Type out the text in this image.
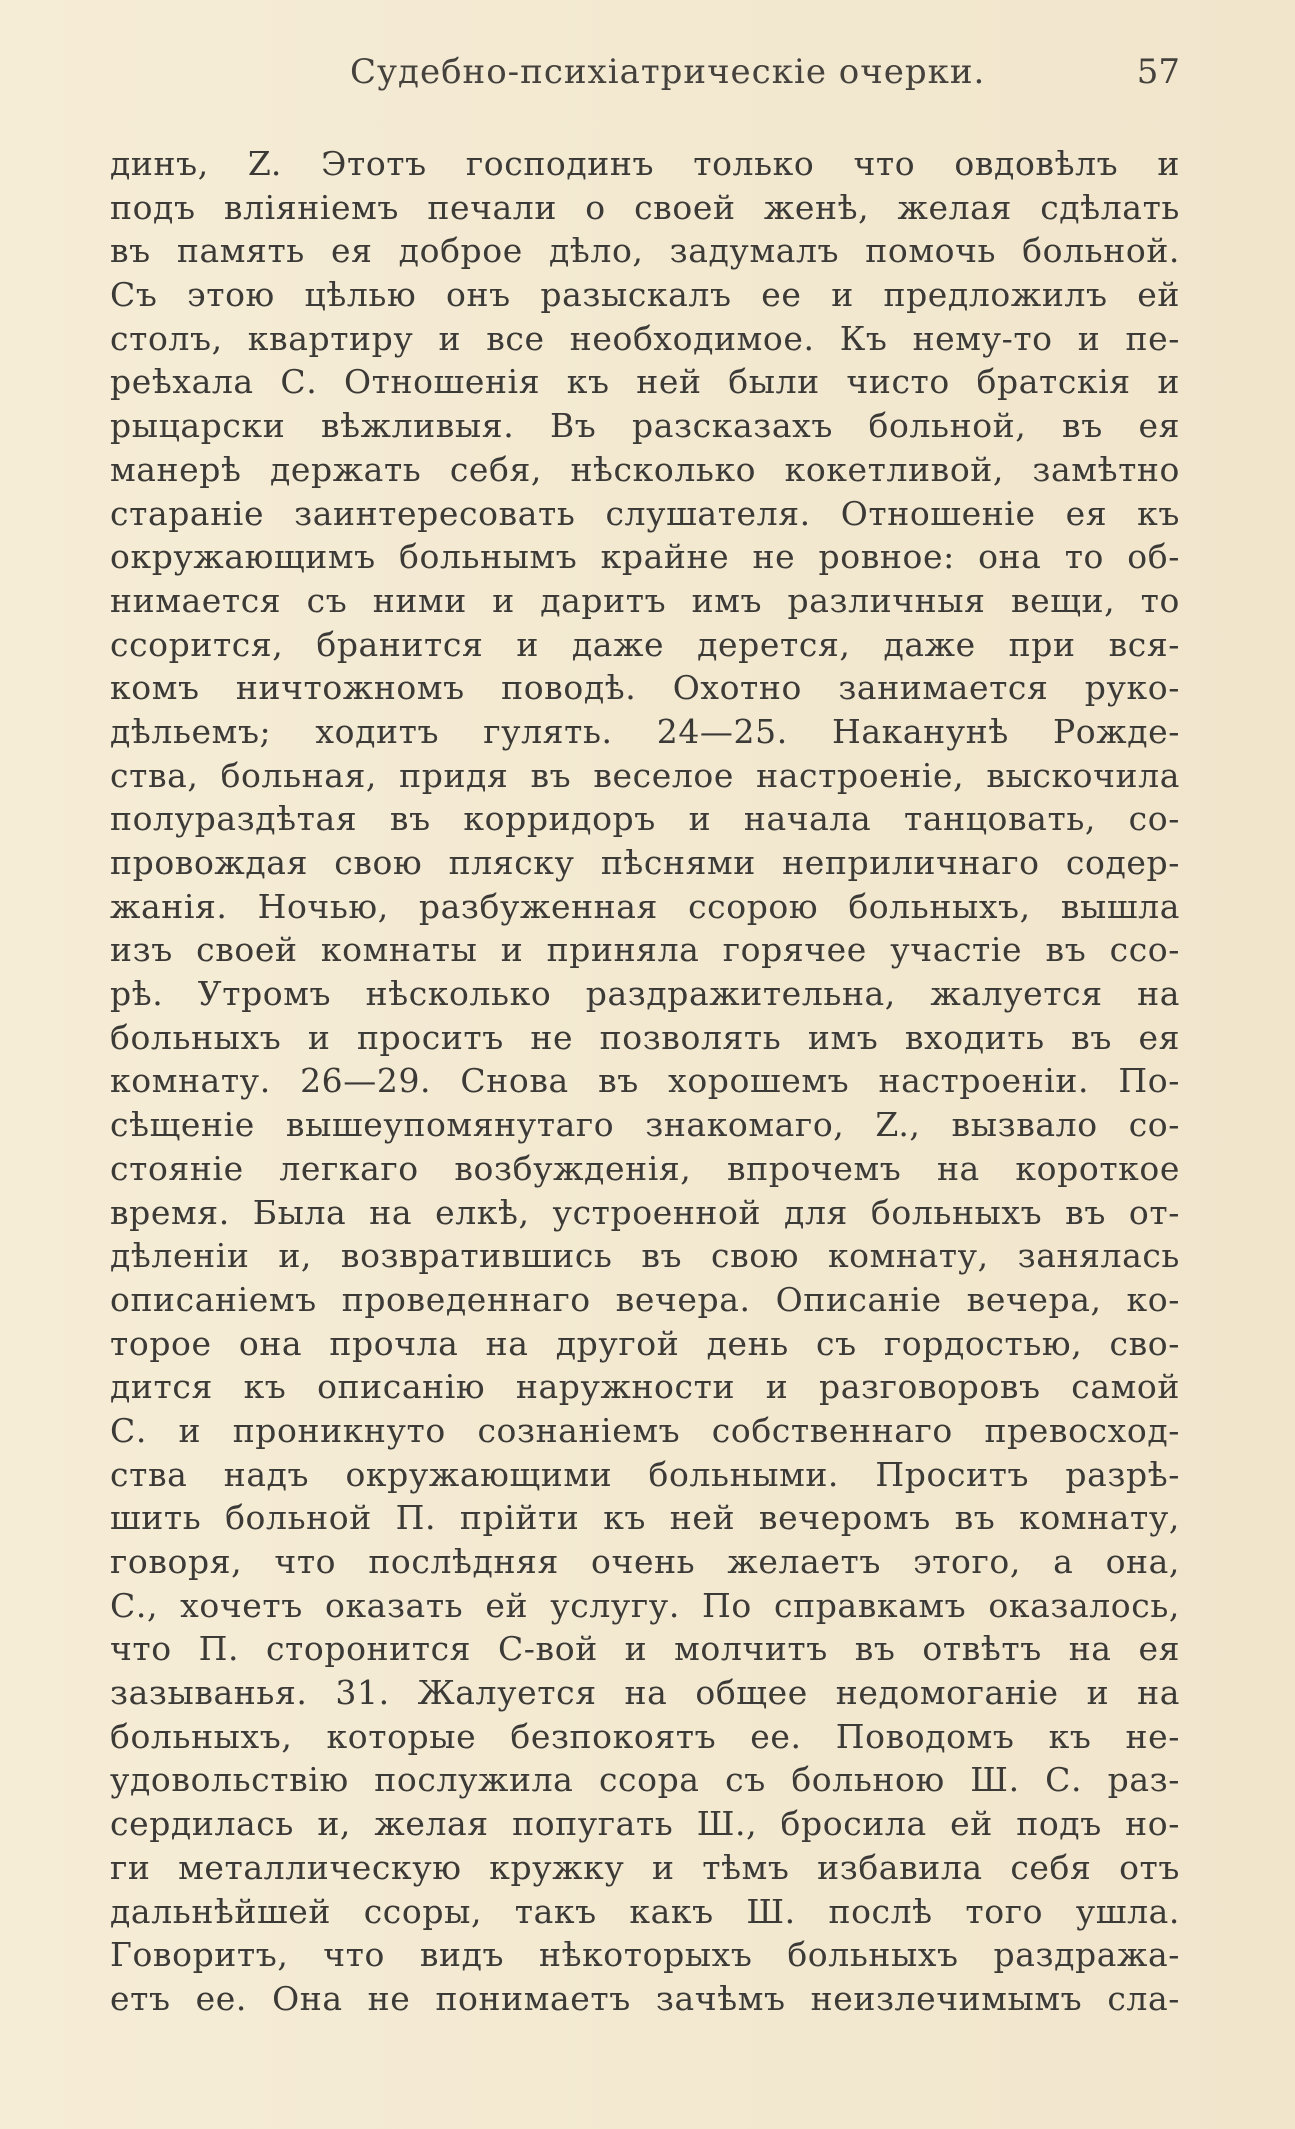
Судебно-психіатрическіе очерки.	57
динъ, Z. Этотъ господинъ только что овдовѣлъ и
подъ вліяніемъ печали о своей женѣ, желая сдѣлать
въ память ея доброе дѣло, задумалъ помочь больной.
Съ этою цѣлью онъ разыскалъ ее и предложилъ ей
столъ, квартиру и все необходимое. Къ нему-то и пе-
реѣхала С. Отношенія къ ней были чисто братскія и
рыцарски вѣжливыя. Въ разсказахъ больной, въ ея
манерѣ держать себя, нѣсколько кокетливой, замѣтно
стараніе заинтересовать слушателя. Отношеніе ея къ
окружающимъ больнымъ крайне не ровное: она то об-
нимается съ ними и даритъ имъ различныя вещи, то
ссорится, бранится и даже дерется, даже при вся-
комъ ничтожномъ поводѣ. Охотно занимается руко-
дѣльемъ; ходитъ гулять. 24—25. Наканунѣ Рожде-
ства, больная, придя въ веселое настроеніе, выскочила
полураздѣтая въ корридоръ и начала танцовать, со-
провождая свою пляску пѣснями неприличнаго содер-
жанія. Ночью, разбуженная ссорою больныхъ, вышла
изъ своей комнаты и приняла горячее участіе въ ссо-
рѣ. Утромъ нѣсколько раздражительна, жалуется на
больныхъ и проситъ не позволять имъ входить въ ея
комнату. 26—29. Снова въ хорошемъ настроеніи. По-
сѣщеніе вышеупомянутаго знакомаго, Z., вызвало со-
стояніе легкаго возбужденія, впрочемъ на короткое
время. Была на елкѣ, устроенной для больныхъ въ от-
дѣленіи и, возвратившись въ свою комнату, занялась
описаніемъ проведеннаго вечера. Описаніе вечера, ко-
торое она прочла на другой день съ гордостью, сво-
дится къ описанію наружности и разговоровъ самой
С. и проникнуто сознаніемъ собственнаго превосход-
ства надъ окружающими больными. Проситъ разрѣ-
шить больной П. прійти къ ней вечеромъ въ комнату,
говоря, что послѣдняя очень желаетъ этого, а она,
С., хочетъ оказать ей услугу. По справкамъ оказалось,
что П. сторонится С-вой и молчитъ въ отвѣтъ на ея
зазыванья. 31. Жалуется на общее недомоганіе и на
больныхъ, которые безпокоятъ ее. Поводомъ къ не-
удовольствію послужила ссора съ больною Ш. С. раз-
сердилась и, желая попугать Ш., бросила ей подъ но-
ги металлическую кружку и тѣмъ избавила себя отъ
дальнѣйшей ссоры, такъ какъ Ш. послѣ того ушла.
Говоритъ, что видъ нѣкоторыхъ больныхъ раздража-
етъ ее. Она не понимаетъ зачѣмъ неизлечимымъ сла-
